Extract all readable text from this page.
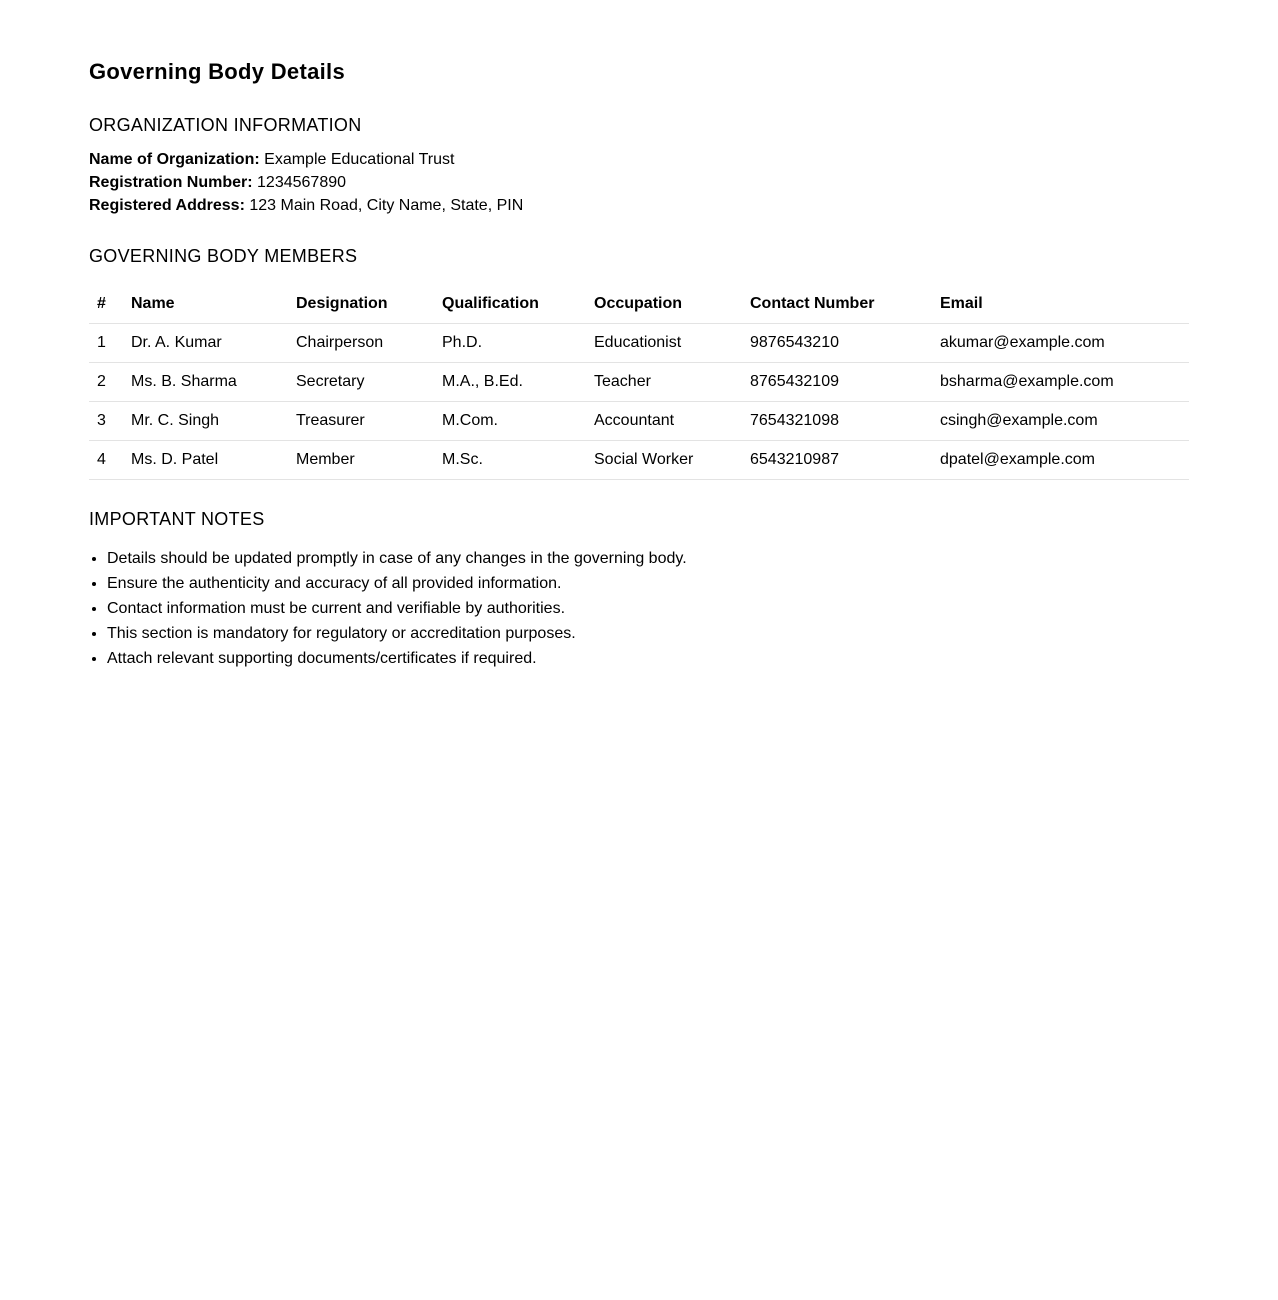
Governing Body Details
ORGANIZATION INFORMATION
Name of Organization: Example Educational Trust
Registration Number: 1234567890
Registered Address: 123 Main Road, City Name, State, PIN
GOVERNING BODY MEMBERS
#	Name	Designation	Qualification	Occupation	Contact Number	Email
1	Dr. A. Kumar	Chairperson	Ph.D.	Educationist	9876543210	akumar@example.com
2	Ms. B. Sharma	Secretary	M.A., B.Ed.	Teacher	8765432109	bsharma@example.com
3	Mr. C. Singh	Treasurer	M.Com.	Accountant	7654321098	csingh@example.com
4	Ms. D. Patel	Member	M.Sc.	Social Worker	6543210987	dpatel@example.com
IMPORTANT NOTES
• Details should be updated promptly in case of any changes in the governing body.
• Ensure the authenticity and accuracy of all provided information.
• Contact information must be current and verifiable by authorities.
• This section is mandatory for regulatory or accreditation purposes.
• Attach relevant supporting documents/certificates if required.
